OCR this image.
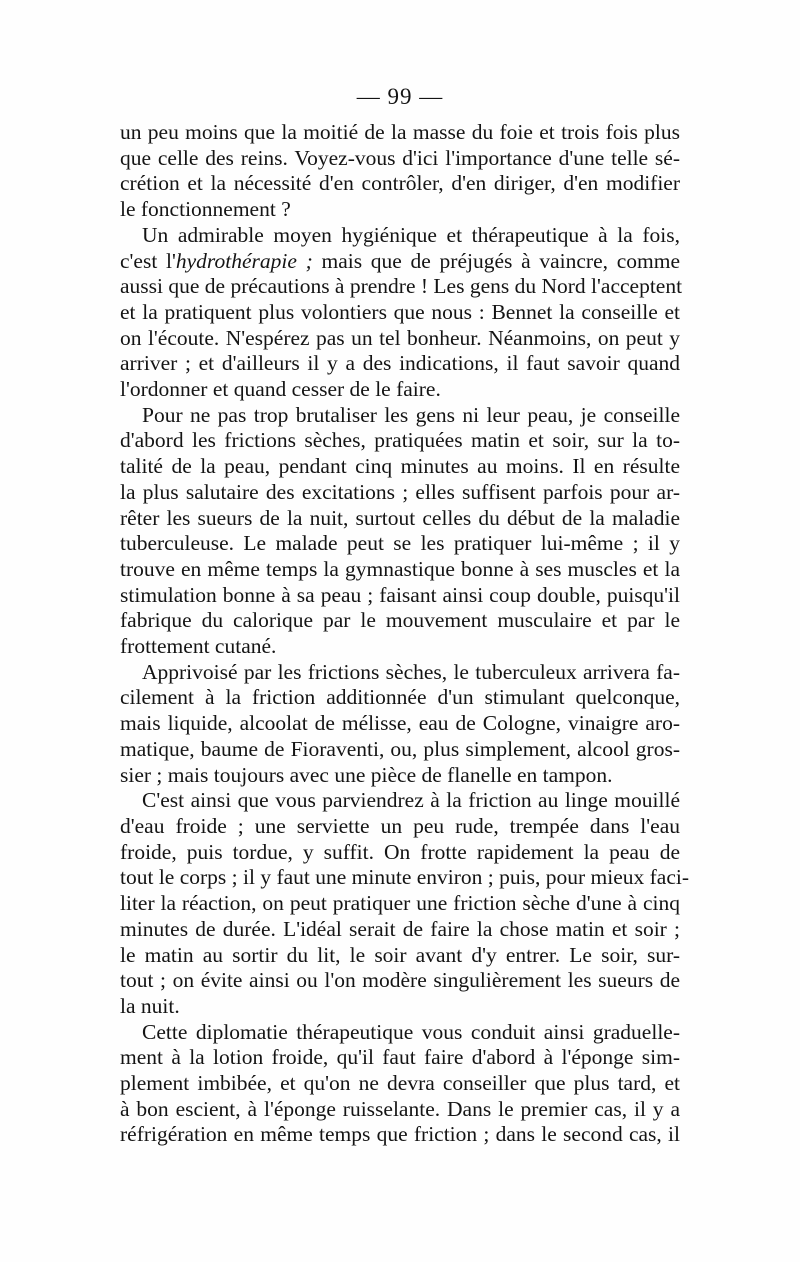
— 99 —

un peu moins que la moitié de la masse du foie et trois fois plus
que celle des reins. Voyez-vous d'ici l'importance d'une telle sé-
crétion et la nécessité d'en contrôler, d'en diriger, d'en modifier
le fonctionnement ?

Un admirable moyen hygiénique et thérapeutique à la fois,
c'est l'hydrothérapie ; mais que de préjugés à vaincre, comme
aussi que de précautions à prendre ! Les gens du Nord l'acceptent
et la pratiquent plus volontiers que nous : Bennet la conseille et
on l'écoute. N'espérez pas un tel bonheur. Néanmoins, on peut y
arriver ; et d'ailleurs il y a des indications, il faut savoir quand
l'ordonner et quand cesser de le faire.

Pour ne pas trop brutaliser les gens ni leur peau, je conseille
d'abord les frictions sèches, pratiquées matin et soir, sur la to-
talité de la peau, pendant cinq minutes au moins. Il en résulte
la plus salutaire des excitations ; elles suffisent parfois pour ar-
rêter les sueurs de la nuit, surtout celles du début de la maladie
tuberculeuse. Le malade peut se les pratiquer lui-même ; il y
trouve en même temps la gymnastique bonne à ses muscles et la
stimulation bonne à sa peau ; faisant ainsi coup double, puisqu'il
fabrique du calorique par le mouvement musculaire et par le
frottement cutané.

Apprivoisé par les frictions sèches, le tuberculeux arrivera fa-
cilement à la friction additionnée d'un stimulant quelconque,
mais liquide, alcoolat de mélisse, eau de Cologne, vinaigre aro-
matique, baume de Fioraventi, ou, plus simplement, alcool gros-
sier ; mais toujours avec une pièce de flanelle en tampon.

C'est ainsi que vous parviendrez à la friction au linge mouillé
d'eau froide ; une serviette un peu rude, trempée dans l'eau
froide, puis tordue, y suffit. On frotte rapidement la peau de
tout le corps ; il y faut une minute environ ; puis, pour mieux faci-
liter la réaction, on peut pratiquer une friction sèche d'une à cinq
minutes de durée. L'idéal serait de faire la chose matin et soir ;
le matin au sortir du lit, le soir avant d'y entrer. Le soir, sur-
tout ; on évite ainsi ou l'on modère singulièrement les sueurs de
la nuit.

Cette diplomatie thérapeutique vous conduit ainsi graduelle-
ment à la lotion froide, qu'il faut faire d'abord à l'éponge sim-
plement imbibée, et qu'on ne devra conseiller que plus tard, et
à bon escient, à l'éponge ruisselante. Dans le premier cas, il y a
réfrigération en même temps que friction ; dans le second cas, il
